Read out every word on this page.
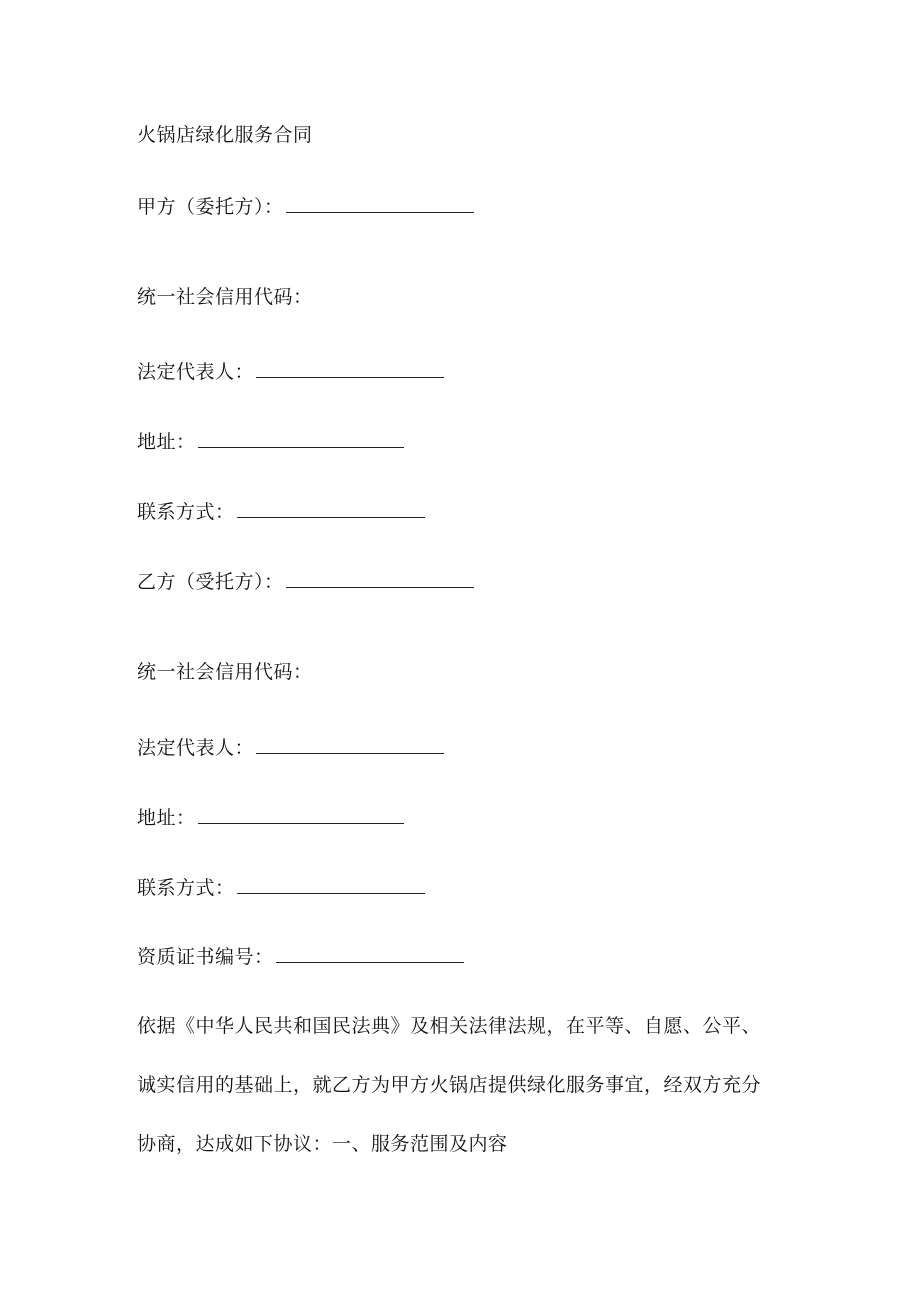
火锅店绿化服务合同
甲方（委托方）：
统一社会信用代码：
法定代表人：
地址：
联系方式：
乙方（受托方）：
统一社会信用代码：
法定代表人：
地址：
联系方式：
资质证书编号：
依据《中华人民共和国民法典》及相关法律法规，在平等、自愿、公平、
诚实信用的基础上，就乙方为甲方火锅店提供绿化服务事宜，经双方充分
协商，达成如下协议：一、服务范围及内容
